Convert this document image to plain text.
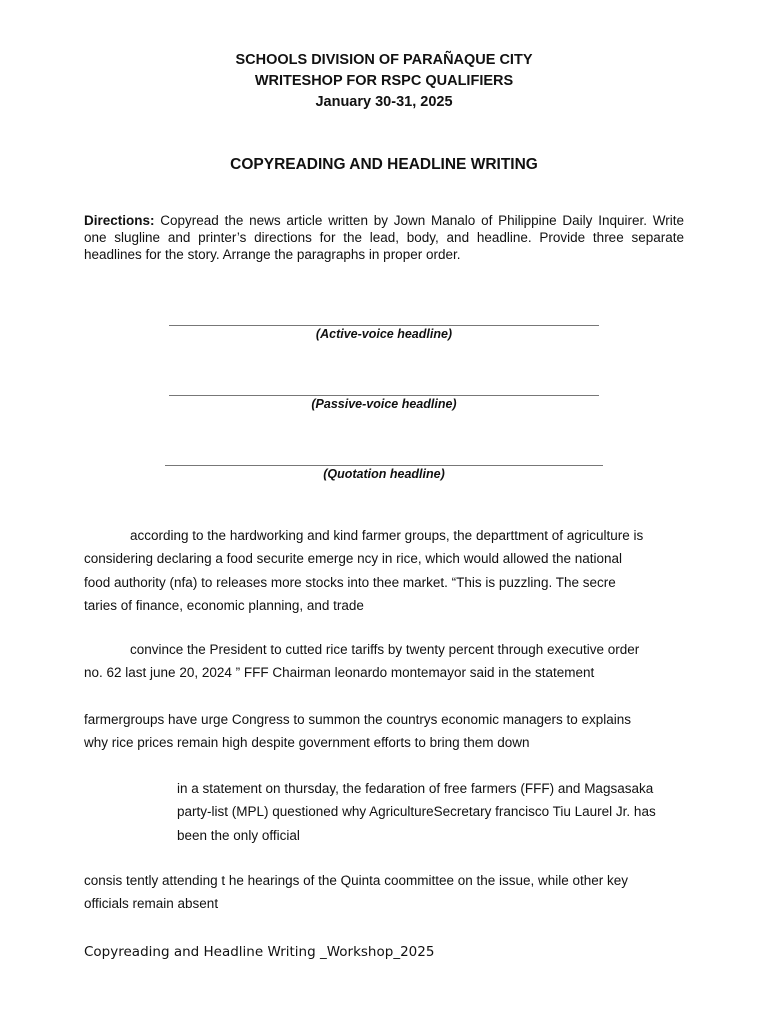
SCHOOLS DIVISION OF PARAÑAQUE CITY
WRITESHOP FOR RSPC QUALIFIERS
January 30-31, 2025
COPYREADING AND HEADLINE WRITING
Directions: Copyread the news article written by Jown Manalo of Philippine Daily Inquirer. Write one slugline and printer’s directions for the lead, body, and headline. Provide three separate headlines for the story. Arrange the paragraphs in proper order.
(Active-voice headline)
(Passive-voice headline)
(Quotation headline)
according to the hardworking and kind farmer groups, the departtment of agriculture is
considering declaring a food securite emerge ncy in rice, which would allowed the national
food authority (nfa) to releases more stocks into thee market. “This is puzzling. The secre
taries of finance, economic planning, and trade
convince the President to cutted rice tariffs by twenty percent through executive order
no. 62 last june 20, 2024 ” FFF Chairman leonardo montemayor said in the statement
farmergroups have urge Congress to summon the countrys economic managers to explains
why rice prices remain high despite government efforts to bring them down
in a statement on thursday, the fedaration of free farmers (FFF) and Magsasaka
party-list (MPL) questioned why AgricultureSecretary francisco Tiu Laurel Jr. has
been the only official
consis tently attending t he hearings of the Quinta coommittee on the issue, while other key
officials remain absent
Copyreading and Headline Writing _Workshop_2025
